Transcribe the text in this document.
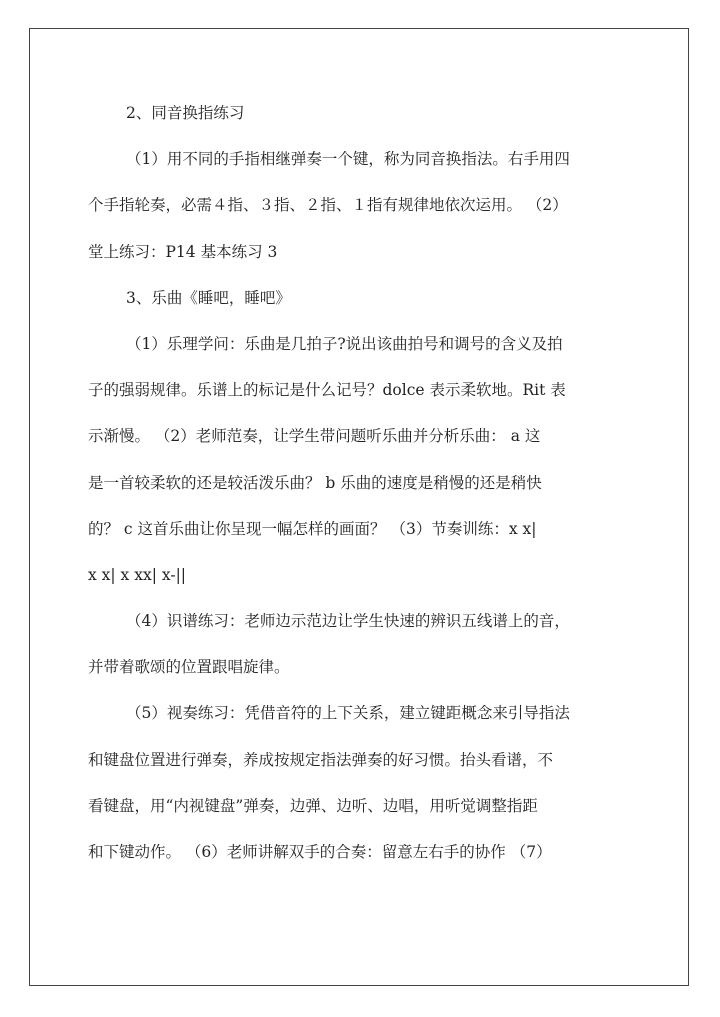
2、同音换指练习
（1）用不同的手指相继弹奏一个键，称为同音换指法。右手用四
个手指轮奏，必需４指、３指、２指、１指有规律地依次运用。 （2）
堂上练习：P14 基本练习 3
3、乐曲《睡吧，睡吧》
（1）乐理学问：乐曲是几拍子?说出该曲拍号和调号的含义及拍
子的强弱规律。乐谱上的标记是什么记号？dolce 表示柔软地。Rit 表
示渐慢。 （2）老师范奏，让学生带问题听乐曲并分析乐曲： a 这
是一首较柔软的还是较活泼乐曲？ b 乐曲的速度是稍慢的还是稍快
的？ c 这首乐曲让你呈现一幅怎样的画面？ （3）节奏训练：x x|
x x| x xx| x-||
（4）识谱练习：老师边示范边让学生快速的辨识五线谱上的音，
并带着歌颂的位置跟唱旋律。
（5）视奏练习：凭借音符的上下关系，建立键距概念来引导指法
和键盘位置进行弹奏，养成按规定指法弹奏的好习惯。抬头看谱，不
看键盘，用“内视键盘”弹奏，边弹、边听、边唱，用听觉调整指距
和下键动作。 （6）老师讲解双手的合奏：留意左右手的协作 （7）
